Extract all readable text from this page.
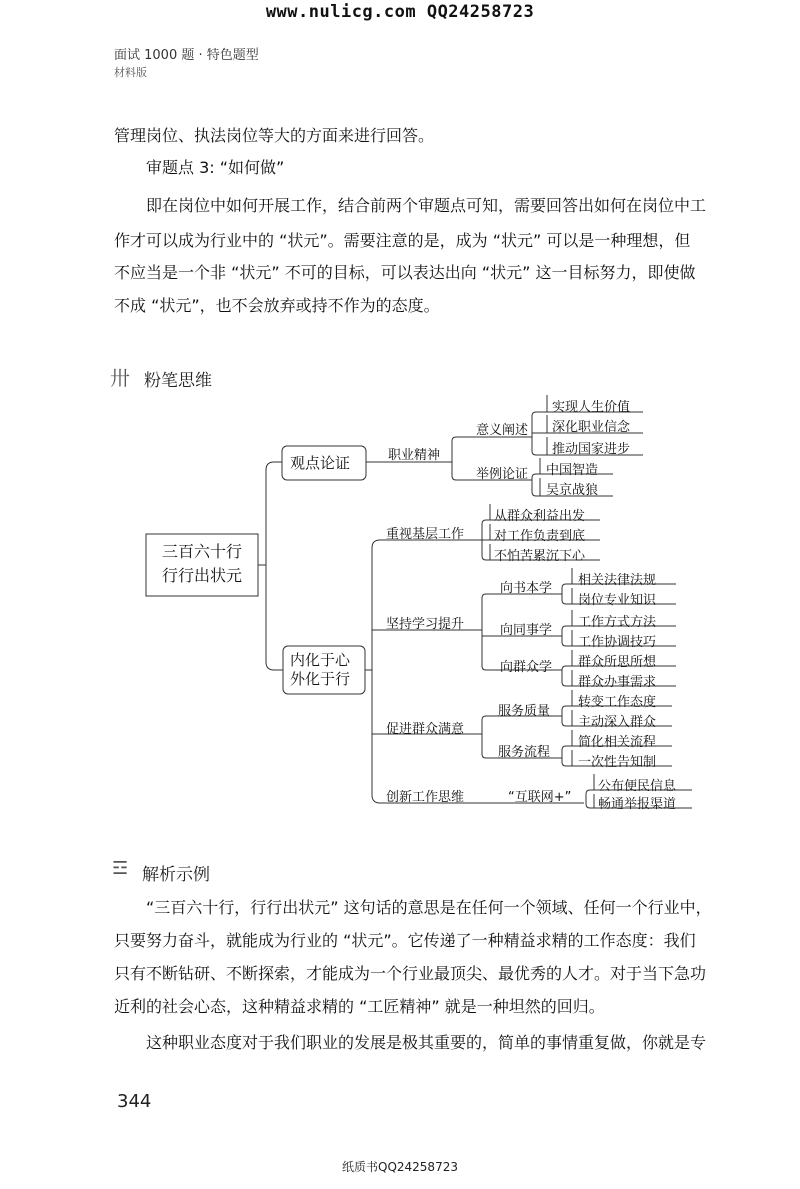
www.nulicg.com QQ24258723
面试 1000 题 · 特色题型
材料版
管理岗位、执法岗位等大的方面来进行回答。
审题点 3: “如何做”
即在岗位中如何开展工作，结合前两个审题点可知，需要回答出如何在岗位中工
作才可以成为行业中的 “状元”。需要注意的是，成为 “状元” 可以是一种理想，但
不应当是一个非 “状元” 不可的目标，可以表达出向 “状元” 这一目标努力，即使做
不成 “状元”，也不会放弃或持不作为的态度。
卅 粉笔思维
三百六十行
行行出状元
观点论证	职业精神
意义阐述
实现人生价值
深化职业信念
推动国家进步
举例论证 中国智造
吴京战狼
内化于心
外化于行
重视基层工作
从群众利益出发
对工作负责到底
不怕苦累沉下心
坚持学习提升
向书本学
相关法律法规
岗位专业知识
向同事学
工作方式方法
工作协调技巧
向群众学 群众所思所想
群众办事需求
促进群众满意
服务质量
转变工作态度
主动深入群众
服务流程
简化相关流程
一次性告知制
创新工作思维	“互联网+”
公布便民信息
畅通举报渠道
☲ 解析示例
“三百六十行，行行出状元” 这句话的意思是在任何一个领域、任何一个行业中，
只要努力奋斗，就能成为行业的 “状元”。它传递了一种精益求精的工作态度：我们
只有不断钻研、不断探索，才能成为一个行业最顶尖、最优秀的人才。对于当下急功
近利的社会心态，这种精益求精的 “工匠精神” 就是一种坦然的回归。
这种职业态度对于我们职业的发展是极其重要的，简单的事情重复做，你就是专
344
纸质书QQ24258723
